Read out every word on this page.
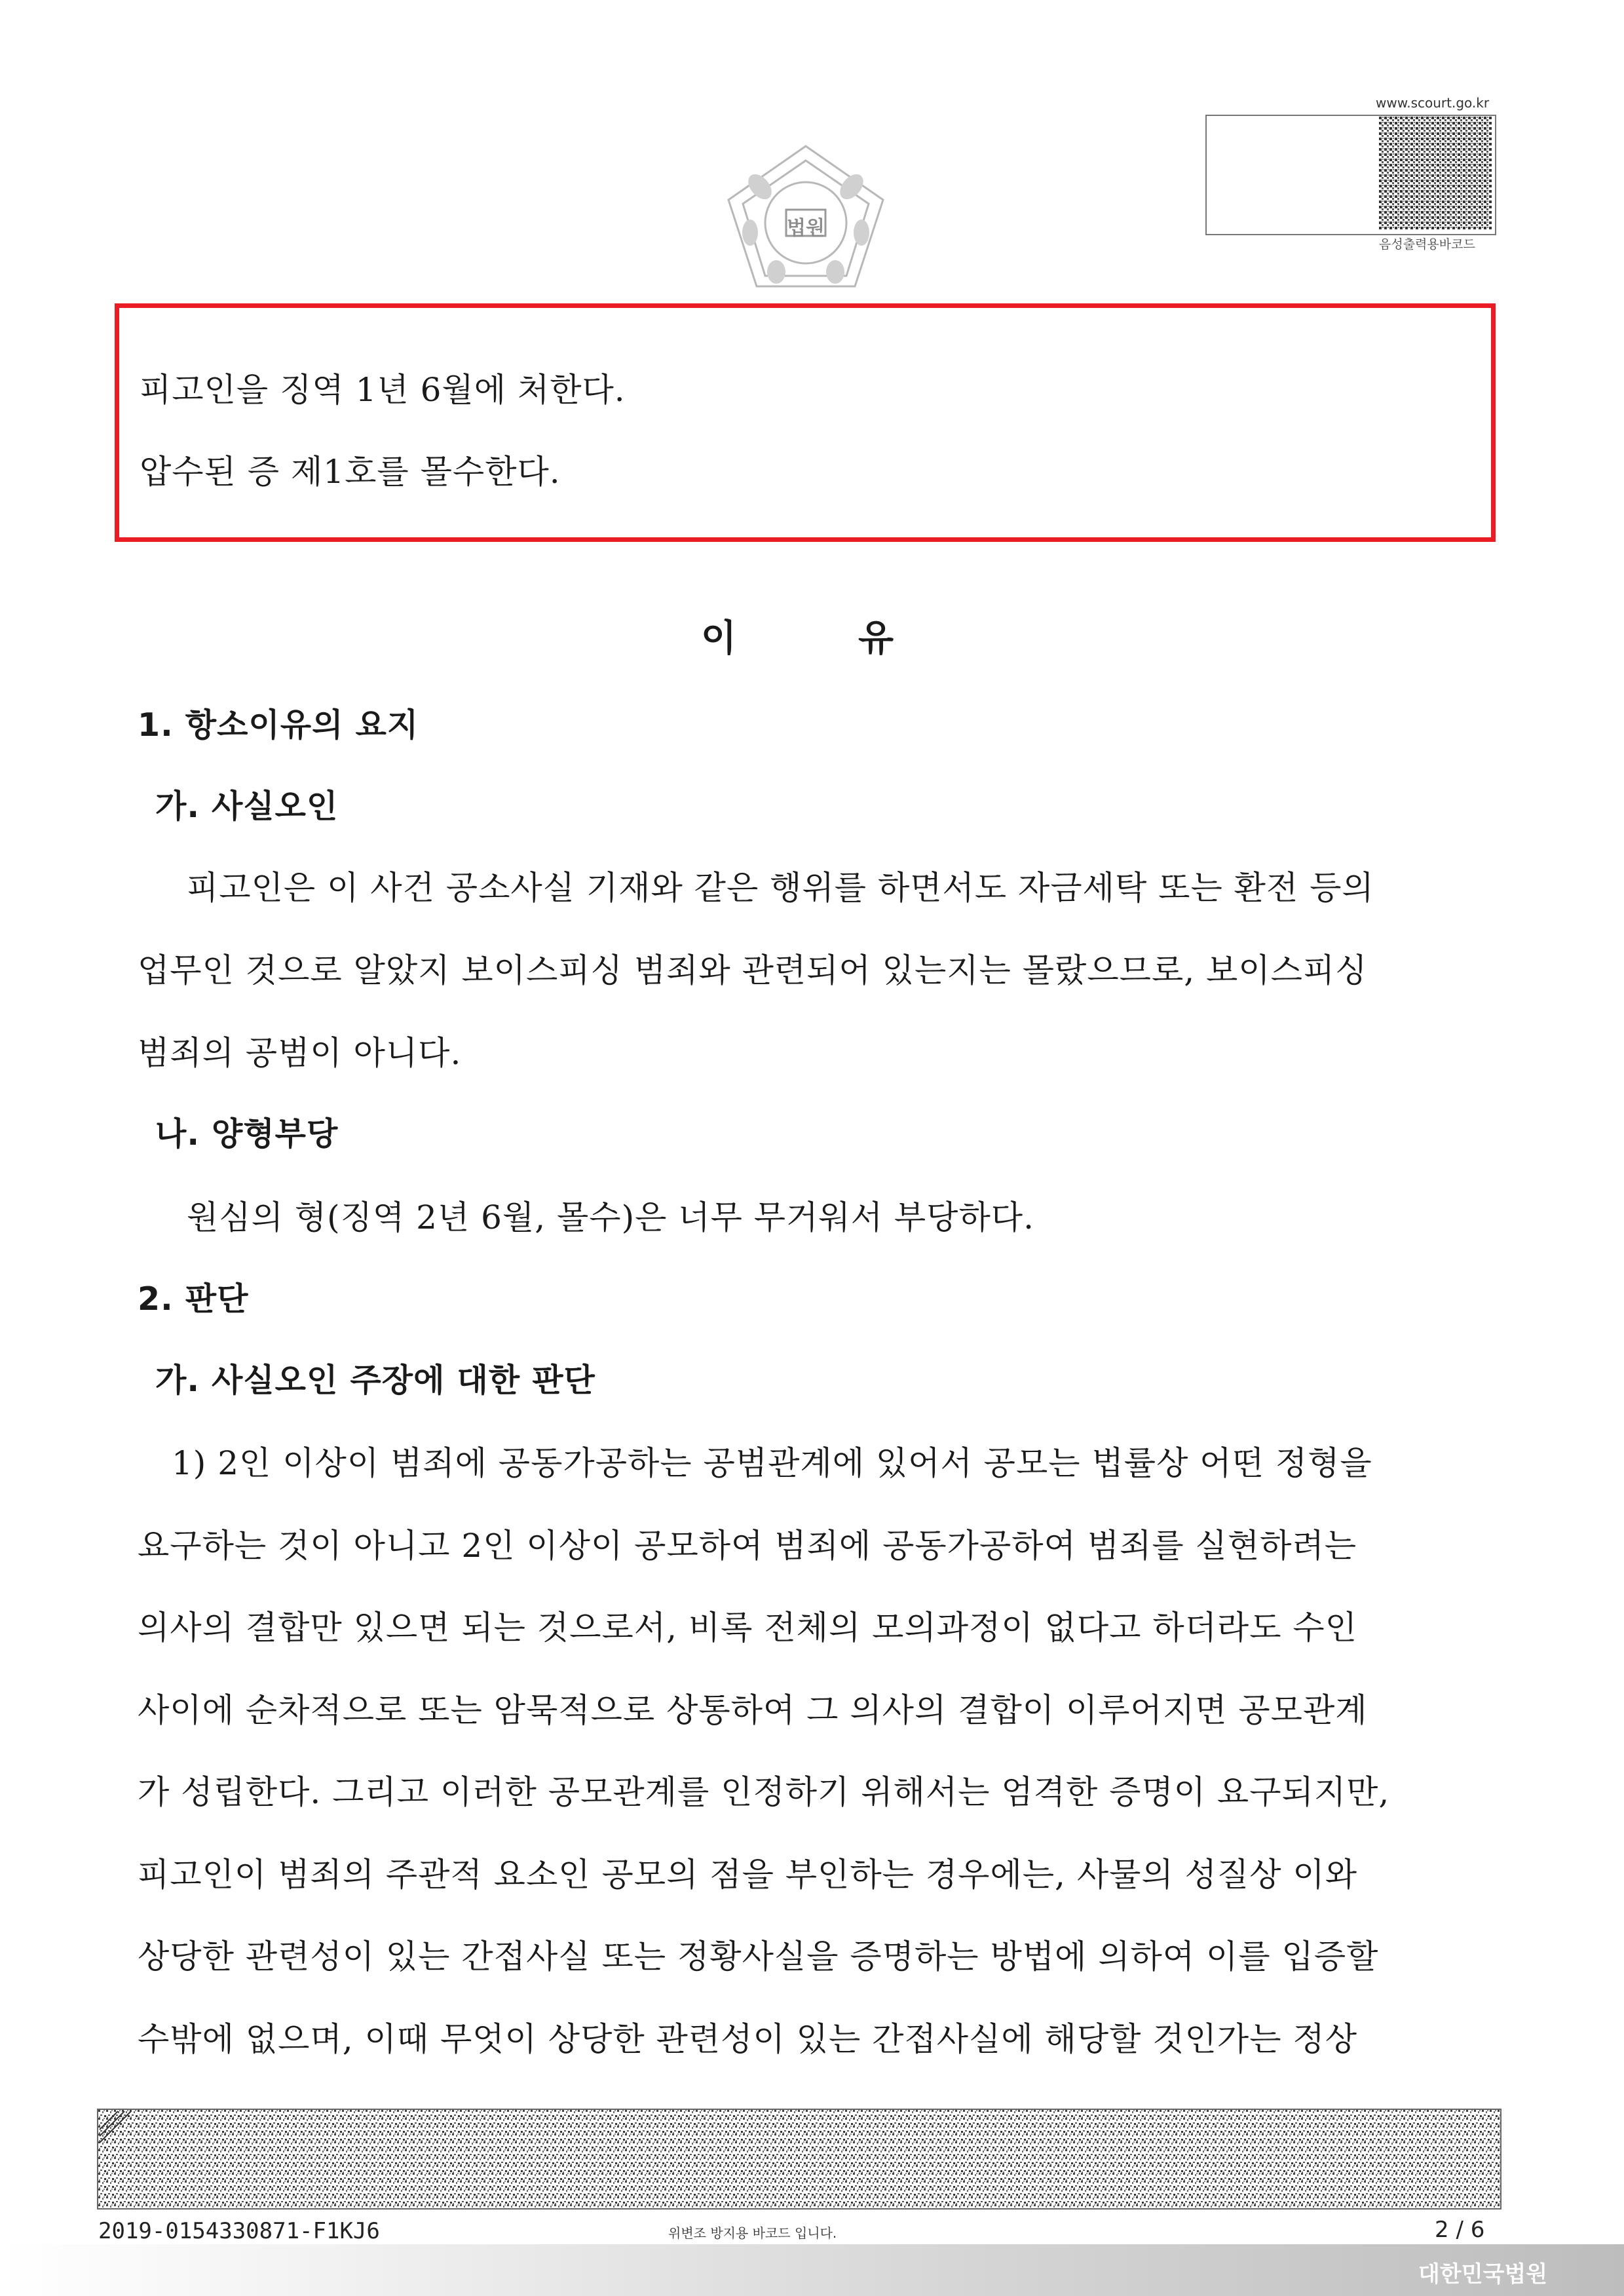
법원
www.scourt.go.kr
음성출력용바코드
피고인을 징역 1년 6월에 처한다.
압수된 증 제1호를 몰수한다.
이	유
1. 항소이유의 요지
가. 사실오인
피고인은 이 사건 공소사실 기재와 같은 행위를 하면서도 자금세탁 또는 환전 등의
업무인 것으로 알았지 보이스피싱 범죄와 관련되어 있는지는 몰랐으므로, 보이스피싱
범죄의 공범이 아니다.
나. 양형부당
원심의 형(징역 2년 6월, 몰수)은 너무 무거워서 부당하다.
2. 판단
가. 사실오인 주장에 대한 판단
1) 2인 이상이 범죄에 공동가공하는 공범관계에 있어서 공모는 법률상 어떤 정형을
요구하는 것이 아니고 2인 이상이 공모하여 범죄에 공동가공하여 범죄를 실현하려는
의사의 결합만 있으면 되는 것으로서, 비록 전체의 모의과정이 없다고 하더라도 수인
사이에 순차적으로 또는 암묵적으로 상통하여 그 의사의 결합이 이루어지면 공모관계
가 성립한다. 그리고 이러한 공모관계를 인정하기 위해서는 엄격한 증명이 요구되지만,
피고인이 범죄의 주관적 요소인 공모의 점을 부인하는 경우에는, 사물의 성질상 이와
상당한 관련성이 있는 간접사실 또는 정황사실을 증명하는 방법에 의하여 이를 입증할
수밖에 없으며, 이때 무엇이 상당한 관련성이 있는 간접사실에 해당할 것인가는 정상
2019-0154330871-F1KJ6	위변조 방지용 바코드 입니다.	2 / 6
대한민국법원
